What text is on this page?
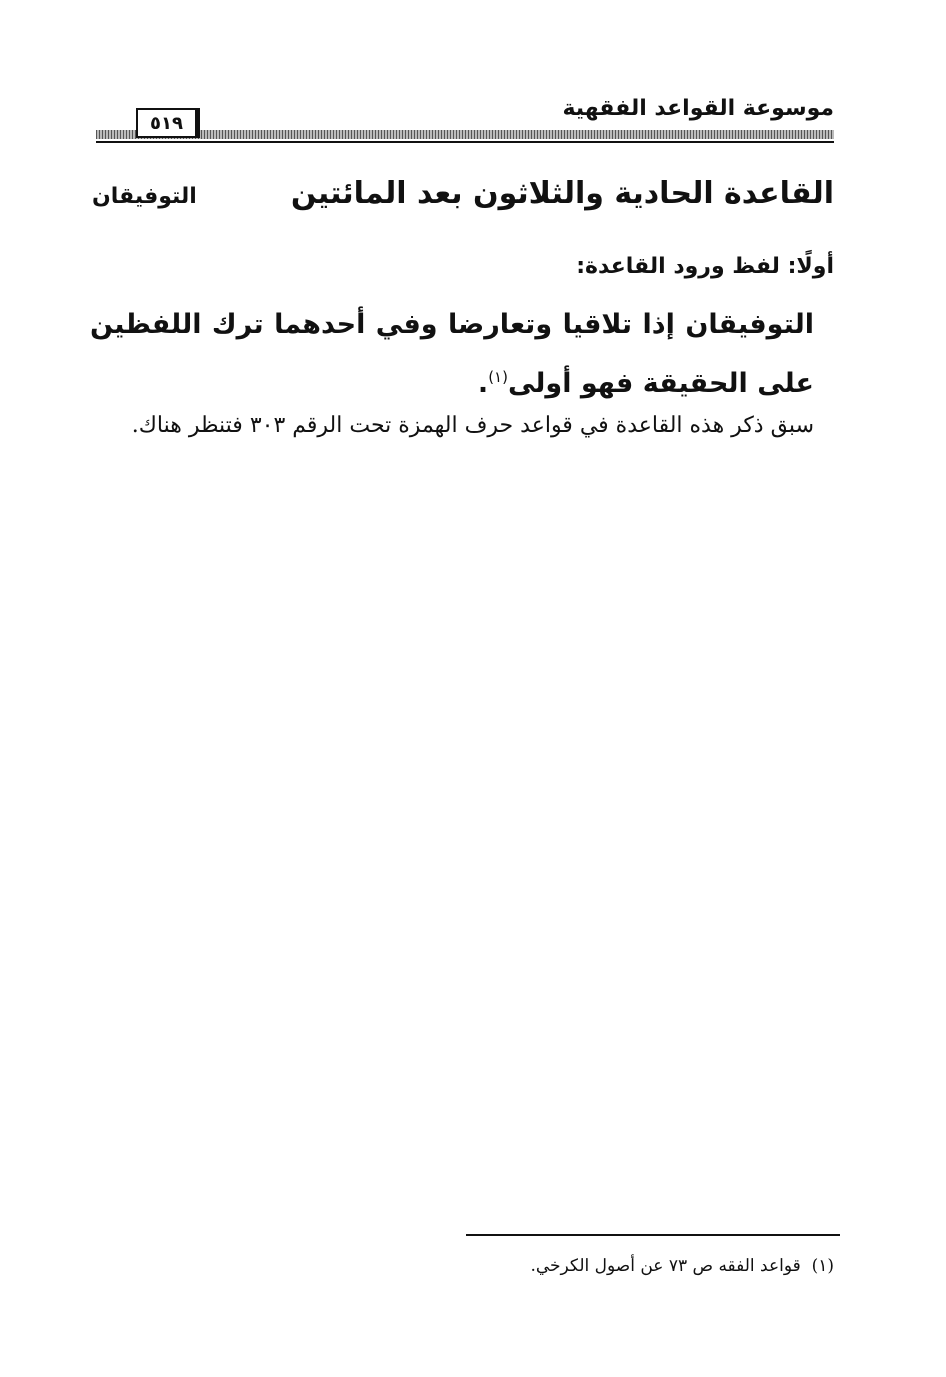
موسوعة القواعد الفقهية
٥١٩
القاعدة الحادية والثلاثون بعد المائتين
التوفيقان
أولًا: لفظ ورود القاعدة:
التوفيقان إذا تلاقيا وتعارضا وفي أحدهما ترك اللفظين على الحقيقة فهو أولى$^{(١)}$.
سبق ذكر هذه القاعدة في قواعد حرف الهمزة تحت الرقم ٣٠٣ فتنظر هناك.
(١)  قواعد الفقه ص ٧٣ عن أصول الكرخي.
